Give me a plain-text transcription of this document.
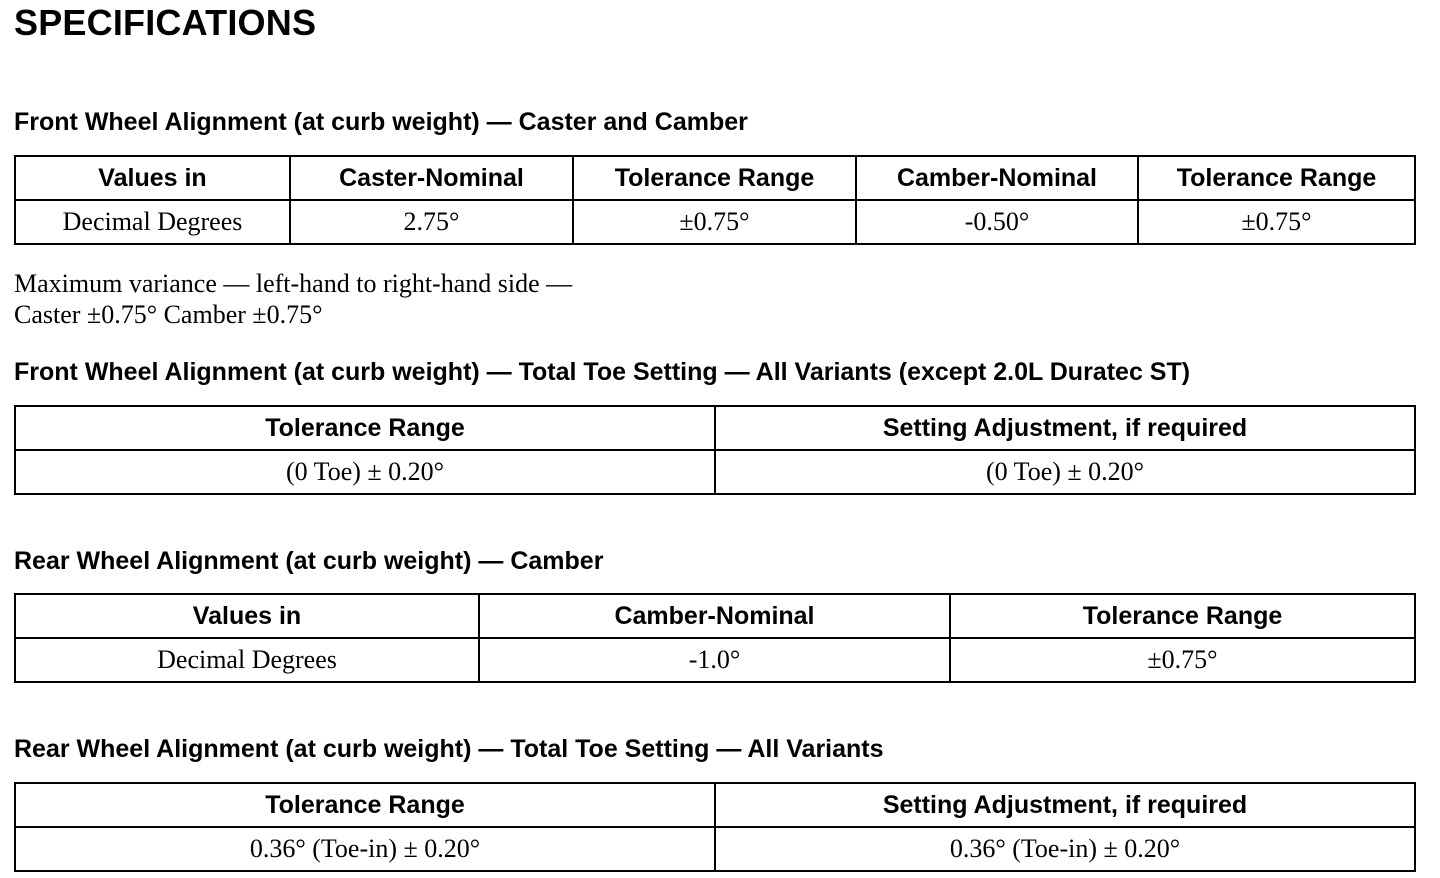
SPECIFICATIONS
Front Wheel Alignment (at curb weight) — Caster and Camber
Values in	Caster-Nominal	Tolerance Range	Camber-Nominal	Tolerance Range
Decimal Degrees	2.75°	±0.75°	-0.50°	±0.75°
Maximum variance — left-hand to right-hand side —
Caster ±0.75° Camber ±0.75°
Front Wheel Alignment (at curb weight) — Total Toe Setting — All Variants (except 2.0L Duratec ST)
Tolerance Range	Setting Adjustment, if required
(0 Toe) ± 0.20°	(0 Toe) ± 0.20°
Rear Wheel Alignment (at curb weight) — Camber
Values in	Camber-Nominal	Tolerance Range
Decimal Degrees	-1.0°	±0.75°
Rear Wheel Alignment (at curb weight) — Total Toe Setting — All Variants
Tolerance Range	Setting Adjustment, if required
0.36° (Toe-in) ± 0.20°	0.36° (Toe-in) ± 0.20°
